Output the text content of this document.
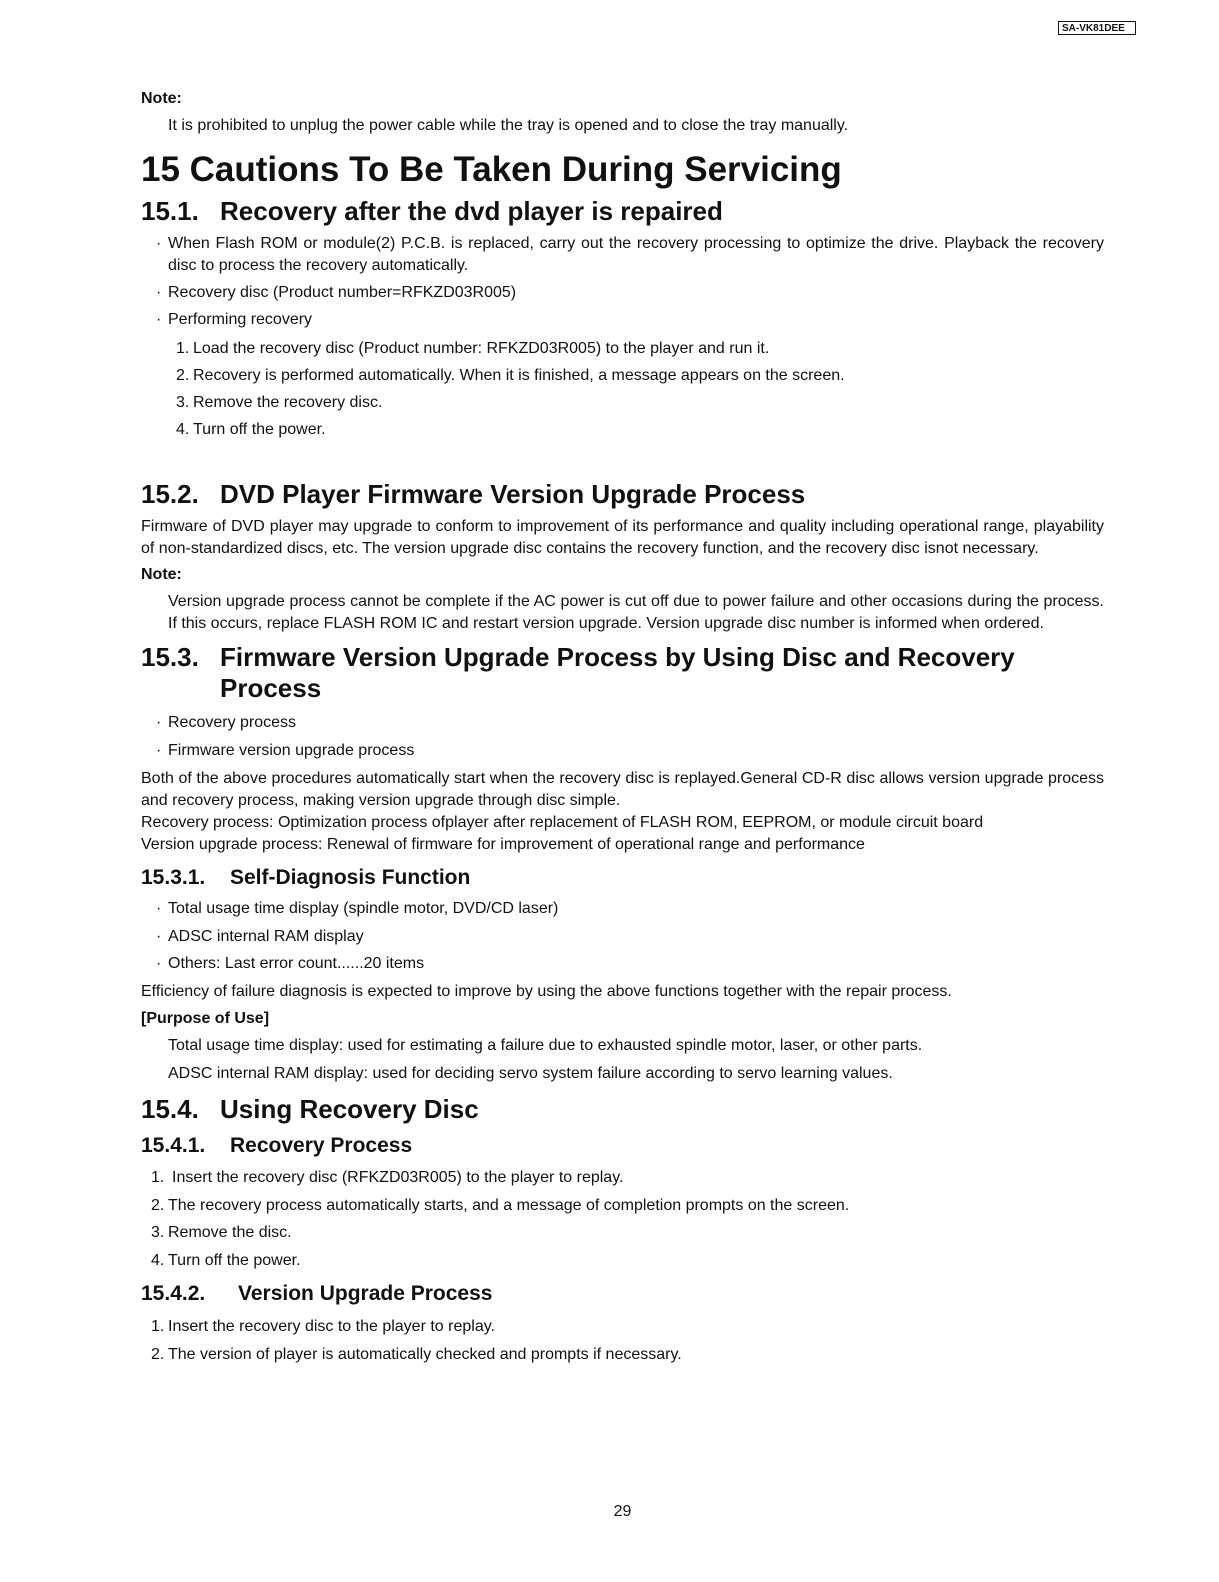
SA-VK81DEE
Note:
It is prohibited to unplug the power cable while the tray is opened and to close the tray manually.
15 Cautions To Be Taken During Servicing
15.1. Recovery after the dvd player is repaired
· When Flash ROM or module(2) P.C.B. is replaced, carry out the recovery processing to optimize the drive. Playback the recovery disc to process the recovery automatically.
· Recovery disc (Product number=RFKZD03R005)
· Performing recovery
1. Load the recovery disc (Product number: RFKZD03R005) to the player and run it.
2. Recovery is performed automatically. When it is finished, a message appears on the screen.
3. Remove the recovery disc.
4. Turn off the power.
15.2. DVD Player Firmware Version Upgrade Process
Firmware of DVD player may upgrade to conform to improvement of its performance and quality including operational range, playability of non-standardized discs, etc. The version upgrade disc contains the recovery function, and the recovery disc isnot necessary.
Note:
Version upgrade process cannot be complete if the AC power is cut off due to power failure and other occasions during the process. If this occurs, replace FLASH ROM IC and restart version upgrade. Version upgrade disc number is informed when ordered.
15.3. Firmware Version Upgrade Process by Using Disc and Recovery
Process
· Recovery process
· Firmware version upgrade process
Both of the above procedures automatically start when the recovery disc is replayed.General CD-R disc allows version upgrade process and recovery process, making version upgrade through disc simple.
Recovery process: Optimization process ofplayer after replacement of FLASH ROM, EEPROM, or module circuit board
Version upgrade process: Renewal of firmware for improvement of operational range and performance
15.3.1. Self-Diagnosis Function
· Total usage time display (spindle motor, DVD/CD laser)
· ADSC internal RAM display
· Others: Last error count......20 items
Efficiency of failure diagnosis is expected to improve by using the above functions together with the repair process.
[Purpose of Use]
Total usage time display: used for estimating a failure due to exhausted spindle motor, laser, or other parts.
ADSC internal RAM display: used for deciding servo system failure according to servo learning values.
15.4. Using Recovery Disc
15.4.1. Recovery Process
1. Insert the recovery disc (RFKZD03R005) to the player to replay.
2. The recovery process automatically starts, and a message of completion prompts on the screen.
3. Remove the disc.
4. Turn off the power.
15.4.2. Version Upgrade Process
1. Insert the recovery disc to the player to replay.
2. The version of player is automatically checked and prompts if necessary.
29
